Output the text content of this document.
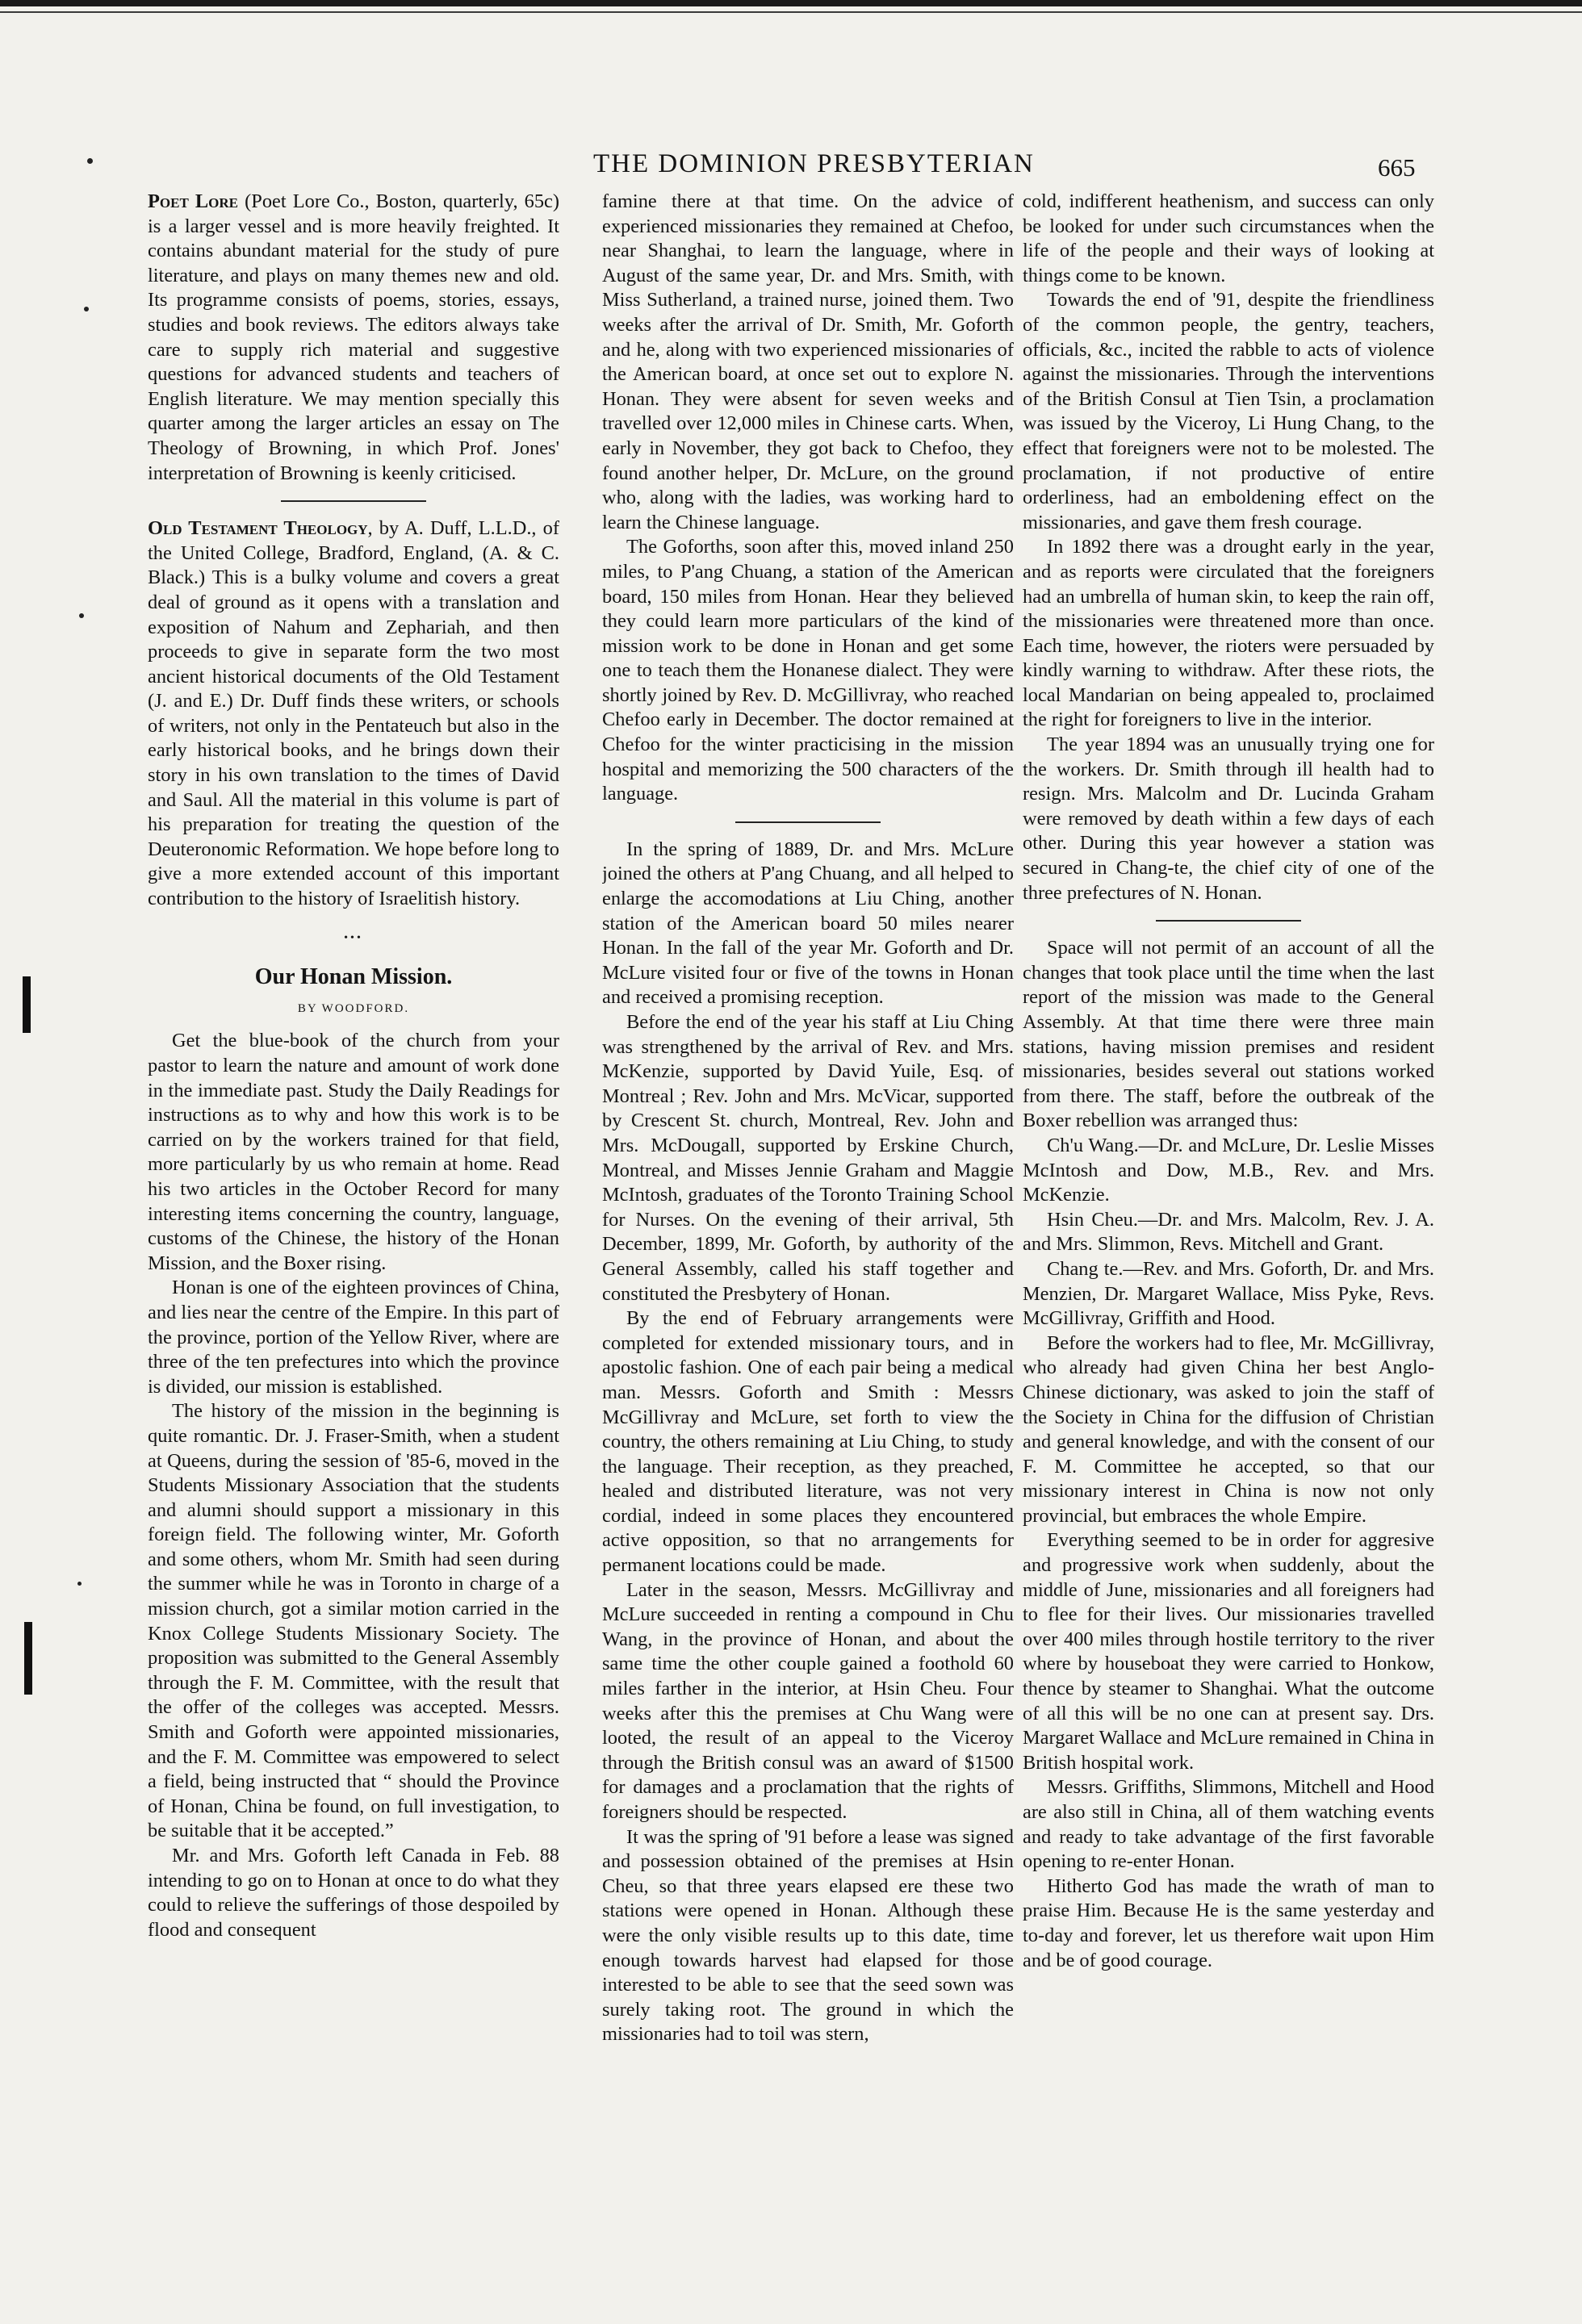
THE DOMINION PRESBYTERIAN	665

Poet Lore (Poet Lore Co., Boston, quarterly, 65c) is a larger vessel and is more heavily freighted. It contains abundant material for the study of pure literature, and plays on many themes new and old. Its programme consists of poems, stories, essays, studies and book reviews. The editors always take care to supply rich material and suggestive questions for advanced students and teachers of English literature. We may mention specially this quarter among the larger articles an essay on The Theology of Browning, in which Prof. Jones' interpretation of Browning is keenly criticised.

Old Testament Theology, by A. Duff, L.L.D., of the United College, Bradford, England, (A. & C. Black.) This is a bulky volume and covers a great deal of ground as it opens with a translation and exposition of Nahum and Zephariah, and then proceeds to give in separate form the two most ancient historical documents of the Old Testament (J. and E.) Dr. Duff finds these writers, or schools of writers, not only in the Pentateuch but also in the early historical books, and he brings down their story in his own translation to the times of David and Saul. All the material in this volume is part of his preparation for treating the question of the Deuteronomic Reformation. We hope before long to give a more extended account of this important contribution to the history of Israelitish history.

•••
Our Honan Mission.
BY WOODFORD.

Get the blue-book of the church from your pastor to learn the nature and amount of work done in the immediate past. Study the Daily Readings for instructions as to why and how this work is to be carried on by the workers trained for that field, more particularly by us who remain at home. Read his two articles in the October Record for many interesting items concerning the country, language, customs of the Chinese, the history of the Honan Mission, and the Boxer rising.

Honan is one of the eighteen provinces of China, and lies near the centre of the Empire. In this part of the province, portion of the Yellow River, where are three of the ten prefectures into which the province is divided, our mission is established.

The history of the mission in the beginning is quite romantic. Dr. J. Fraser-Smith, when a student at Queens, during the session of '85-6, moved in the Students Missionary Association that the students and alumni should support a missionary in this foreign field. The following winter, Mr. Goforth and some others, whom Mr. Smith had seen during the summer while he was in Toronto in charge of a mission church, got a similar motion carried in the Knox College Students Missionary Society. The proposition was submitted to the General Assembly through the F. M. Committee, with the result that the offer of the colleges was accepted. Messrs. Smith and Goforth were appointed missionaries, and the F. M. Committee was empowered to select a field, being instructed that “ should the Province of Honan, China be found, on full investigation, to be suitable that it be accepted.”

Mr. and Mrs. Goforth left Canada in Feb. 88 intending to go on to Honan at once to do what they could to relieve the sufferings of those despoiled by flood and consequent

famine there at that time. On the advice of experienced missionaries they remained at Chefoo, near Shanghai, to learn the language, where in August of the same year, Dr. and Mrs. Smith, with Miss Sutherland, a trained nurse, joined them. Two weeks after the arrival of Dr. Smith, Mr. Goforth and he, along with two experienced missionaries of the American board, at once set out to explore N. Honan. They were absent for seven weeks and travelled over 12,000 miles in Chinese carts. When, early in November, they got back to Chefoo, they found another helper, Dr. McLure, on the ground who, along with the ladies, was working hard to learn the Chinese language.

The Goforths, soon after this, moved inland 250 miles, to P'ang Chuang, a station of the American board, 150 miles from Honan. Hear they believed they could learn more particulars of the kind of mission work to be done in Honan and get some one to teach them the Honanese dialect. They were shortly joined by Rev. D. McGillivray, who reached Chefoo early in December. The doctor remained at Chefoo for the winter practicising in the mission hospital and memorizing the 500 characters of the language.

In the spring of 1889, Dr. and Mrs. McLure joined the others at P'ang Chuang, and all helped to enlarge the accomodations at Liu Ching, another station of the American board 50 miles nearer Honan. In the fall of the year Mr. Goforth and Dr. McLure visited four or five of the towns in Honan and received a promising reception.

Before the end of the year his staff at Liu Ching was strengthened by the arrival of Rev. and Mrs. McKenzie, supported by David Yuile, Esq. of Montreal ; Rev. John and Mrs. McVicar, supported by Crescent St. church, Montreal, Rev. John and Mrs. McDougall, supported by Erskine Church, Montreal, and Misses Jennie Graham and Maggie McIntosh, graduates of the Toronto Training School for Nurses. On the evening of their arrival, 5th December, 1899, Mr. Goforth, by authority of the General Assembly, called his staff together and constituted the Presbytery of Honan.

By the end of February arrangements were completed for extended missionary tours, and in apostolic fashion. One of each pair being a medical man. Messrs. Goforth and Smith : Messrs McGillivray and McLure, set forth to view the country, the others remaining at Liu Ching, to study the language. Their reception, as they preached, healed and distributed literature, was not very cordial, indeed in some places they encountered active opposition, so that no arrangements for permanent locations could be made.

Later in the season, Messrs. McGillivray and McLure succeeded in renting a compound in Chu Wang, in the province of Honan, and about the same time the other couple gained a foothold 60 miles farther in the interior, at Hsin Cheu. Four weeks after this the premises at Chu Wang were looted, the result of an appeal to the Viceroy through the British consul was an award of $1500 for damages and a proclamation that the rights of foreigners should be respected.

It was the spring of '91 before a lease was signed and possession obtained of the premises at Hsin Cheu, so that three years elapsed ere these two stations were opened in Honan. Although these were the only visible results up to this date, time enough towards harvest had elapsed for those interested to be able to see that the seed sown was surely taking root. The ground in which the missionaries had to toil was stern,

cold, indifferent heathenism, and success can only be looked for under such circumstances when the life of the people and their ways of looking at things come to be known.

Towards the end of '91, despite the friendliness of the common people, the gentry, teachers, officials, &c., incited the rabble to acts of violence against the missionaries. Through the interventions of the British Consul at Tien Tsin, a proclamation was issued by the Viceroy, Li Hung Chang, to the effect that foreigners were not to be molested. The proclamation, if not productive of entire orderliness, had an emboldening effect on the missionaries, and gave them fresh courage.

In 1892 there was a drought early in the year, and as reports were circulated that the foreigners had an umbrella of human skin, to keep the rain off, the missionaries were threatened more than once. Each time, however, the rioters were persuaded by kindly warning to withdraw. After these riots, the local Mandarian on being appealed to, proclaimed the right for foreigners to live in the interior.

The year 1894 was an unusually trying one for the workers. Dr. Smith through ill health had to resign. Mrs. Malcolm and Dr. Lucinda Graham were removed by death within a few days of each other. During this year however a station was secured in Chang-te, the chief city of one of the three prefectures of N. Honan.

Space will not permit of an account of all the changes that took place until the time when the last report of the mission was made to the General Assembly. At that time there were three main stations, having mission premises and resident missionaries, besides several out stations worked from there. The staff, before the outbreak of the Boxer rebellion was arranged thus:

Ch'u Wang.—Dr. and McLure, Dr. Leslie Misses McIntosh and Dow, M.B., Rev. and Mrs. McKenzie.

Hsin Cheu.—Dr. and Mrs. Malcolm, Rev. J. A. and Mrs. Slimmon, Revs. Mitchell and Grant.

Chang te.—Rev. and Mrs. Goforth, Dr. and Mrs. Menzien, Dr. Margaret Wallace, Miss Pyke, Revs. McGillivray, Griffith and Hood.

Before the workers had to flee, Mr. McGillivray, who already had given China her best Anglo-Chinese dictionary, was asked to join the staff of the Society in China for the diffusion of Christian and general knowledge, and with the consent of our F. M. Committee he accepted, so that our missionary interest in China is now not only provincial, but embraces the whole Empire.

Everything seemed to be in order for aggresive and progressive work when suddenly, about the middle of June, missionaries and all foreigners had to flee for their lives. Our missionaries travelled over 400 miles through hostile territory to the river where by houseboat they were carried to Honkow, thence by steamer to Shanghai. What the outcome of all this will be no one can at present say. Drs. Margaret Wallace and McLure remained in China in British hospital work.

Messrs. Griffiths, Slimmons, Mitchell and Hood are also still in China, all of them watching events and ready to take advantage of the first favorable opening to re-enter Honan.

Hitherto God has made the wrath of man to praise Him. Because He is the same yesterday and to-day and forever, let us therefore wait upon Him and be of good courage.
